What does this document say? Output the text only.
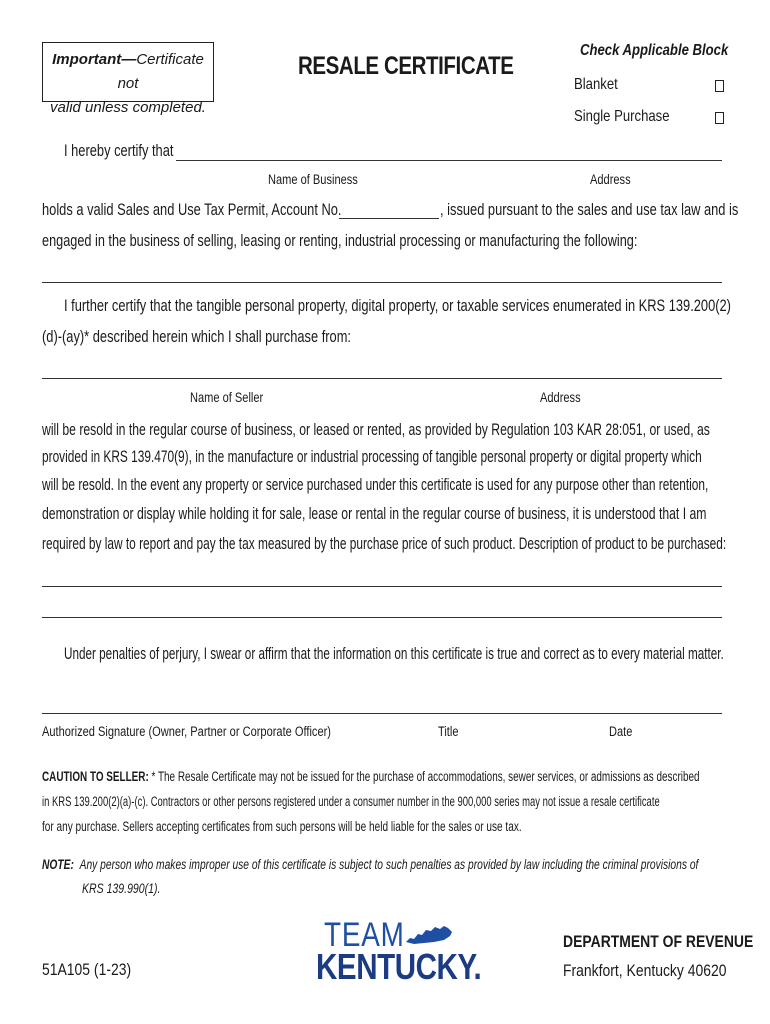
Important—Certificate not
valid unless completed.
RESALE CERTIFICATE
Check Applicable Block
Blanket
Single Purchase
I hereby certify that
Name of Business	Address
holds a valid Sales and Use Tax Permit, Account No.	, issued pursuant to the sales and use tax law and is
engaged in the business of selling, leasing or renting, industrial processing or manufacturing the following:
I further certify that the tangible personal property, digital property, or taxable services enumerated in KRS 139.200(2)
(d)-(ay)* described herein which I shall purchase from:
Name of Seller	Address
will be resold in the regular course of business, or leased or rented, as provided by Regulation 103 KAR 28:051, or used, as
provided in KRS 139.470(9), in the manufacture or industrial processing of tangible personal property or digital property which
will be resold. In the event any property or service purchased under this certificate is used for any purpose other than retention,
demonstration or display while holding it for sale, lease or rental in the regular course of business, it is understood that I am
required by law to report and pay the tax measured by the purchase price of such product. Description of product to be purchased:
Under penalties of perjury, I swear or affirm that the information on this certificate is true and correct as to every material matter.
Authorized Signature (Owner, Partner or Corporate Officer)	Title	Date
CAUTION TO SELLER: * The Resale Certificate may not be issued for the purchase of accommodations, sewer services, or admissions as described
in KRS 139.200(2)(a)-(c). Contractors or other persons registered under a consumer number in the 900,000 series may not issue a resale certificate
for any purchase. Sellers accepting certificates from such persons will be held liable for the sales or use tax.
NOTE: Any person who makes improper use of this certificate is subject to such penalties as provided by law including the criminal provisions of
KRS 139.990(1).
51A105 (1-23)
TEAM
KENTUCKY.
DEPARTMENT OF REVENUE
Frankfort, Kentucky 40620
